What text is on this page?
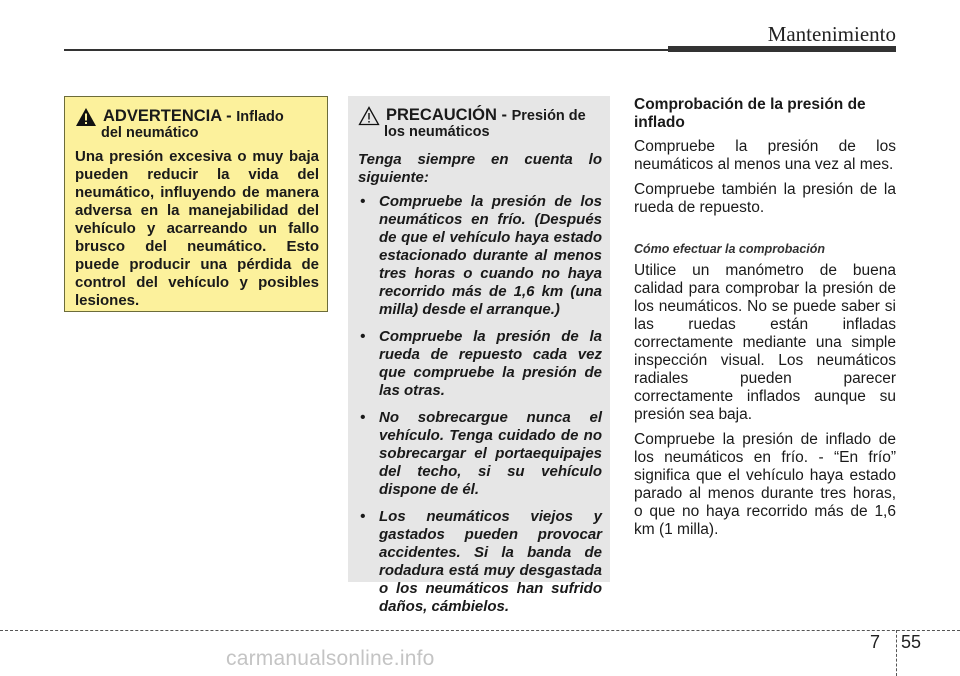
Mantenimiento
ADVERTENCIA - Inflado
del neumático
Una presión excesiva o muy baja pueden reducir la vida del neumático, influyendo de manera adversa en la manejabilidad del vehículo y acarreando un fallo brusco del neumático. Esto puede producir una pérdida de control del vehículo y posibles lesiones.
PRECAUCIÓN - Presión de
los neumáticos
Tenga siempre en cuenta lo siguiente:
• Compruebe la presión de los neumáticos en frío. (Después de que el vehículo haya estado estacionado durante al menos tres horas o cuando no haya recorrido más de 1,6 km (una milla) desde el arranque.)
• Compruebe la presión de la rueda de repuesto cada vez que compruebe la presión de las otras.
• No sobrecargue nunca el vehículo. Tenga cuidado de no sobrecargar el portaequipajes del techo, si su vehículo dispone de él.
• Los neumáticos viejos y gastados pueden provocar accidentes. Si la banda de rodadura está muy desgastada o los neumáticos han sufrido daños, cámbielos.
Comprobación de la presión de inflado
Compruebe la presión de los neumáticos al menos una vez al mes.
Compruebe también la presión de la rueda de repuesto.
Cómo efectuar la comprobación
Utilice un manómetro de buena calidad para comprobar la presión de los neumáticos. No se puede saber si las ruedas están infladas correctamente mediante una simple inspección visual. Los neumáticos radiales pueden parecer correctamente inflados aunque su presión sea baja.
Compruebe la presión de inflado de los neumáticos en frío. - “En frío” significa que el vehículo haya estado parado al menos durante tres horas, o que no haya recorrido más de 1,6 km (1 milla).
7 55
carmanualsonline.info
